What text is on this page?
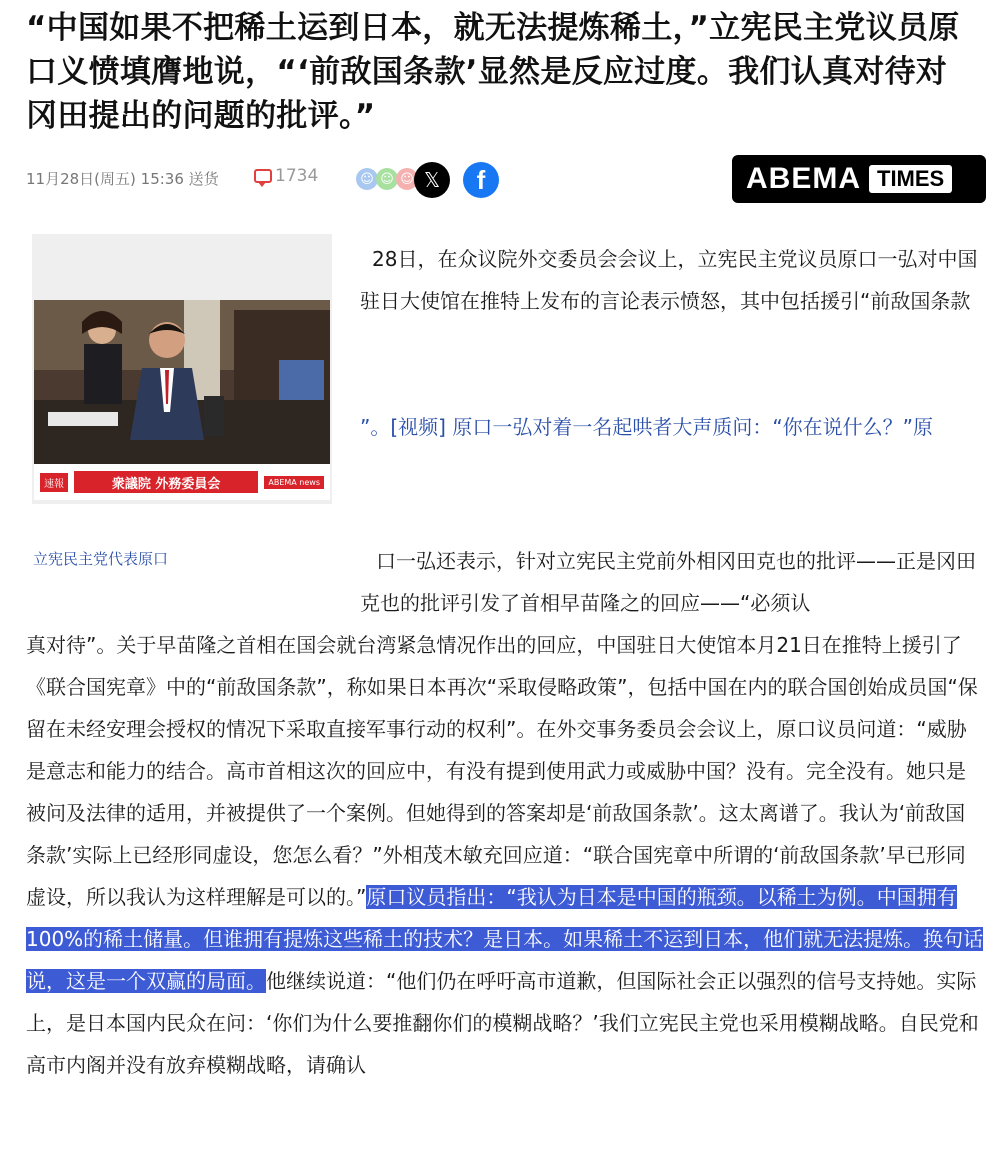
“中国如果不把稀土运到日本，就无法提炼稀土，”立宪民主党议员原口义愤填膺地说，“‘前敌国条款’显然是反应过度。我们认真对待对冈田提出的问题的批评。”
11月28日(周五) 15:36 送货	1734	☺ ☺ ☺ 𝕏	f	ABEMA TIMES
速報	衆議院 外務委員会	ABEMA news
立宪民主党代表原口
28日，在众议院外交委员会会议上，立宪民主党议员原口一弘对中国驻日大使馆在推特上发布的言论表示愤怒，其中包括援引“前敌国条款
”。[视频] 原口一弘对着一名起哄者大声质问：“你在说什么？”原
口一弘还表示，针对立宪民主党前外相冈田克也的批评——正是冈田克也的批评引发了首相早苗隆之的回应——“必须认
真对待”。关于早苗隆之首相在国会就台湾紧急情况作出的回应，中国驻日大使馆本月21日在推特上援引了《联合国宪章》中的“前敌国条款”，称如果日本再次“采取侵略政策”，包括中国在内的联合国创始成员国“保留在未经安理会授权的情况下采取直接军事行动的权利”。在外交事务委员会会议上，原口议员问道：“威胁是意志和能力的结合。高市首相这次的回应中，有没有提到使用武力或威胁中国？没有。完全没有。她只是被问及法律的适用，并被提供了一个案例。但她得到的答案却是‘前敌国条款’。这太离谱了。我认为‘前敌国条款’实际上已经形同虚设，您怎么看？”外相茂木敏充回应道：“联合国宪章中所谓的‘前敌国条款’早已形同虚设，所以我认为这样理解是可以的。”原口议员指出：“我认为日本是中国的瓶颈。以稀土为例。中国拥有100%的稀土储量。但谁拥有提炼这些稀土的技术？是日本。如果稀土不运到日本，他们就无法提炼。换句话说，这是一个双赢的局面。他继续说道：“他们仍在呼吁高市道歉，但国际社会正以强烈的信号支持她。实际上，是日本国内民众在问：‘你们为什么要推翻你们的模糊战略？’我们立宪民主党也采用模糊战略。自民党和高市内阁并没有放弃模糊战略，请确认
